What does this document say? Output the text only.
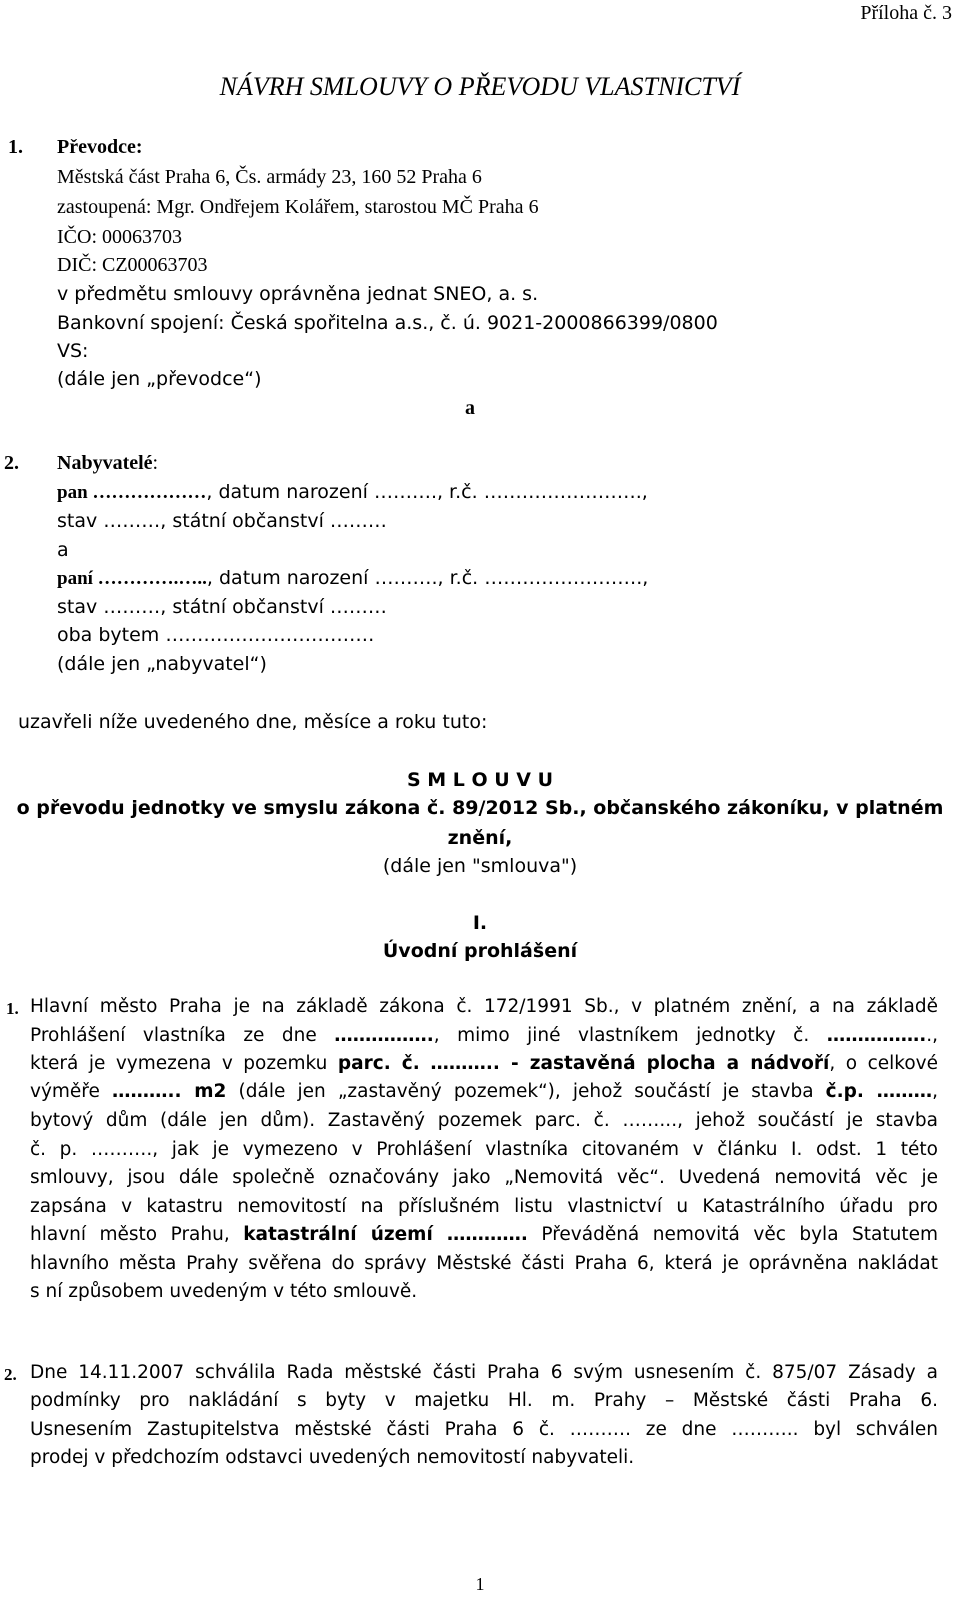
Příloha č. 3
NÁVRH SMLOUVY O PŘEVODU VLASTNICTVÍ
1. Převodce:
Městská část Praha 6, Čs. armády 23, 160 52 Praha 6
zastoupená: Mgr. Ondřejem Kolářem, starostou MČ Praha 6
IČO: 00063703
DIČ: CZ00063703
v předmětu smlouvy oprávněna jednat SNEO, a. s.
Bankovní spojení: Česká spořitelna a.s., č. ú. 9021-2000866399/0800
VS:
(dále jen „převodce“)
a
2. Nabyvatelé:
pan ………………, datum narození ………., r.č. …………………….,
stav ………, státní občanství ………
a
paní ………….….., datum narození ………., r.č. …………………….,
stav ………, státní občanství ………
oba bytem ……………………………
(dále jen „nabyvatel“)
uzavřeli níže uvedeného dne, měsíce a roku tuto:
S M L O U V U
o převodu jednotky ve smyslu zákona č. 89/2012 Sb., občanského zákoníku, v platném
znění,
(dále jen "smlouva")
I.
Úvodní prohlášení
1. Hlavní město Praha je na základě zákona č. 172/1991 Sb., v platném znění, a na základě
Prohlášení vlastníka ze dne ……………., mimo jiné vlastníkem jednotky č. ……………..,
která je vymezena v pozemku parc. č. ……….. - zastavěná plocha a nádvoří, o celkové
výměře ……….. m2 (dále jen „zastavěný pozemek“), jehož součástí je stavba č.p. ………,
bytový dům (dále jen dům). Zastavěný pozemek parc. č. ……..., jehož součástí je stavba
č. p. ………., jak je vymezeno v Prohlášení vlastníka citovaném v článku I. odst. 1 této
smlouvy, jsou dále společně označovány jako „Nemovitá věc“. Uvedená nemovitá věc je
zapsána v katastru nemovitostí na příslušném listu vlastnictví u Katastrálního úřadu pro
hlavní město Prahu, katastrální území …………. Převáděná nemovitá věc byla Statutem
hlavního města Prahy svěřena do správy Městské části Praha 6, která je oprávněna nakládat
s ní způsobem uvedeným v této smlouvě.
2. Dne 14.11.2007 schválila Rada městské části Praha 6 svým usnesením č. 875/07 Zásady a
podmínky pro nakládání s byty v majetku Hl. m. Prahy – Městské části Praha 6.
Usnesením Zastupitelstva městské části Praha 6 č. ………. ze dne ……….. byl schválen
prodej v předchozím odstavci uvedených nemovitostí nabyvateli.
1
